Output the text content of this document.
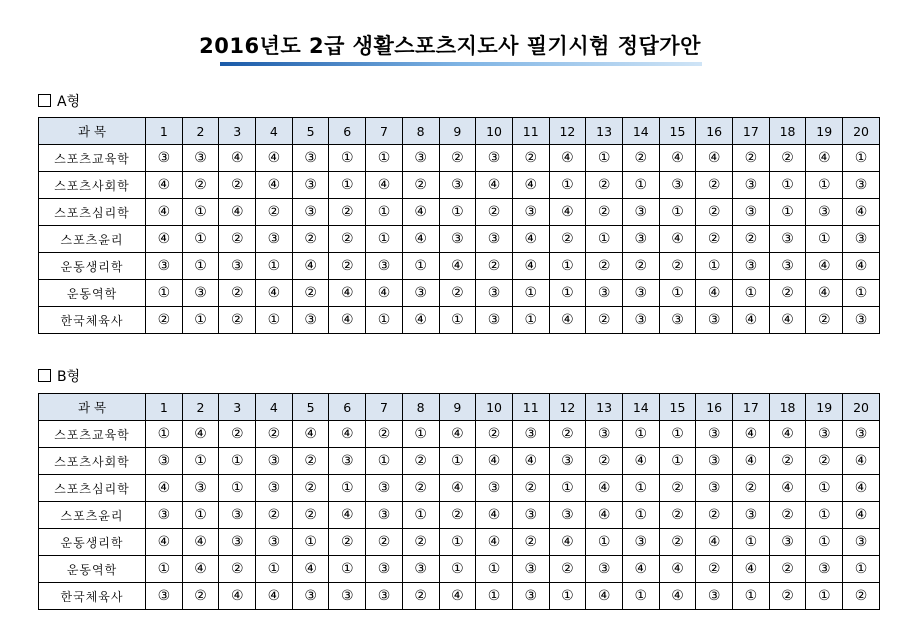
2016년도 2급 생활스포츠지도사 필기시험 정답가안
A형
과 목	1	2	3	4	5	6	7	8	9	10	11	12	13	14	15	16	17	18	19	20
스포츠교육학	③	③	④	④	③	①	①	③	②	③	②	④	①	②	④	④	②	②	④	①
스포츠사회학	④	②	②	④	③	①	④	②	③	④	④	①	②	①	③	②	③	①	①	③
스포츠심리학	④	①	④	②	③	②	①	④	①	②	③	④	②	③	①	②	③	①	③	④
스포츠윤리	④	①	②	③	②	②	①	④	③	③	④	②	①	③	④	②	②	③	①	③
운동생리학	③	①	③	①	④	②	③	①	④	②	④	①	②	②	②	①	③	③	④	④
운동역학	①	③	②	④	②	④	④	③	②	③	①	①	③	③	①	④	①	②	④	①
한국체육사	②	①	②	①	③	④	①	④	①	③	①	④	②	③	③	③	④	④	②	③
B형
과 목	1	2	3	4	5	6	7	8	9	10	11	12	13	14	15	16	17	18	19	20
스포츠교육학	①	④	②	②	④	④	②	①	④	②	③	②	③	①	①	③	④	④	③	③
스포츠사회학	③	①	①	③	②	③	①	②	①	④	④	③	②	④	①	③	④	②	②	④
스포츠심리학	④	③	①	③	②	①	③	②	④	③	②	①	④	①	②	③	②	④	①	④
스포츠윤리	③	①	③	②	②	④	③	①	②	④	③	③	④	①	②	②	③	②	①	④
운동생리학	④	④	③	③	①	②	②	②	①	④	②	④	①	③	②	④	①	③	①	③
운동역학	①	④	②	①	④	①	③	③	①	①	③	②	③	④	④	②	④	②	③	①
한국체육사	③	②	④	④	③	③	③	②	④	①	③	①	④	①	④	③	①	②	①	②
